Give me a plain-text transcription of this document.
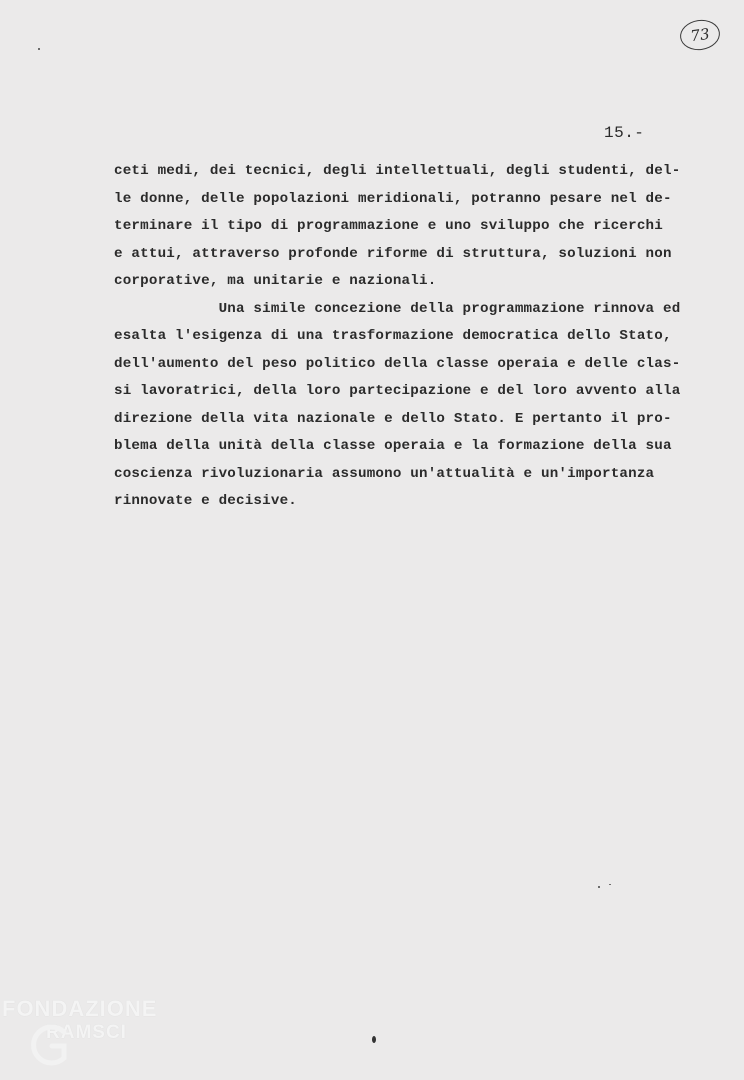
73
15.-
ceti medi, dei tecnici, degli intellettuali, degli studenti, del-
le donne, delle popolazioni meridionali, potranno pesare nel de-
terminare il tipo di programmazione e uno sviluppo che ricerchi
e attui, attraverso profonde riforme di struttura, soluzioni non
corporative, ma unitarie e nazionali.
Una simile concezione della programmazione rinnova ed
esalta l'esigenza di una trasformazione democratica dello Stato,
dell'aumento del peso politico della classe operaia e delle clas-
si lavoratrici, della loro partecipazione e del loro avvento alla
direzione della vita nazionale e dello Stato. E pertanto il pro-
blema della unità della classe operaia e la formazione della sua
coscienza rivoluzionaria assumono un'attualità e un'importanza
rinnovate e decisive.
FONDAZIONE
RAMSCI
